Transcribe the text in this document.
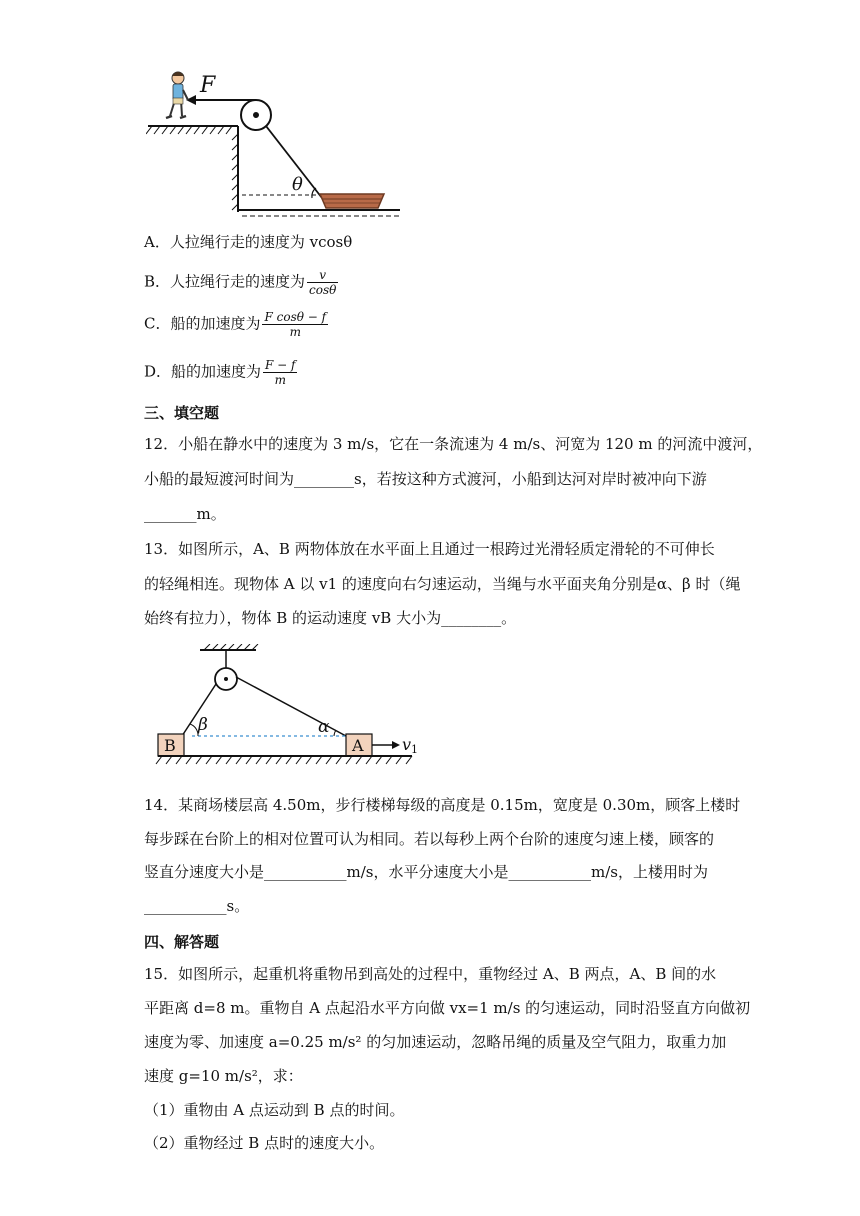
F
θ
A．人拉绳行走的速度为 vcosθ
B．人拉绳行走的速度为 $\frac{v}{\cos\theta}$
C．船的加速度为 $\frac{\text{F cosθ − f}}{m}$
D．船的加速度为 $\frac{F - f}{m}$
三、填空题
12．小船在静水中的速度为 3 m/s，它在一条流速为 4 m/s、河宽为 120 m 的河流中渡河，
小船的最短渡河时间为________s，若按这种方式渡河，小船到达河对岸时被冲向下游
_______m。
13．如图所示，A、B 两物体放在水平面上且通过一根跨过光滑轻质定滑轮的不可伸长
的轻绳相连。现物体 A 以 v1 的速度向右匀速运动，当绳与水平面夹角分别是α、β 时（绳
始终有拉力），物体 B 的运动速度 vB 大小为________。
B	A
β	α
v1
14．某商场楼层高 4.50m，步行楼梯每级的高度是 0.15m，宽度是 0.30m，顾客上楼时
每步踩在台阶上的相对位置可认为相同。若以每秒上两个台阶的速度匀速上楼，顾客的
竖直分速度大小是___________m/s，水平分速度大小是___________m/s，上楼用时为
___________s。
四、解答题
15．如图所示，起重机将重物吊到高处的过程中，重物经过 A、B 两点，A、B 间的水
平距离 d=8 m。重物自 A 点起沿水平方向做 vx=1 m/s 的匀速运动，同时沿竖直方向做初
速度为零、加速度 a=0.25 m/s² 的匀加速运动，忽略吊绳的质量及空气阻力，取重力加
速度 g=10 m/s²，求：
（1）重物由 A 点运动到 B 点的时间。
（2）重物经过 B 点时的速度大小。
